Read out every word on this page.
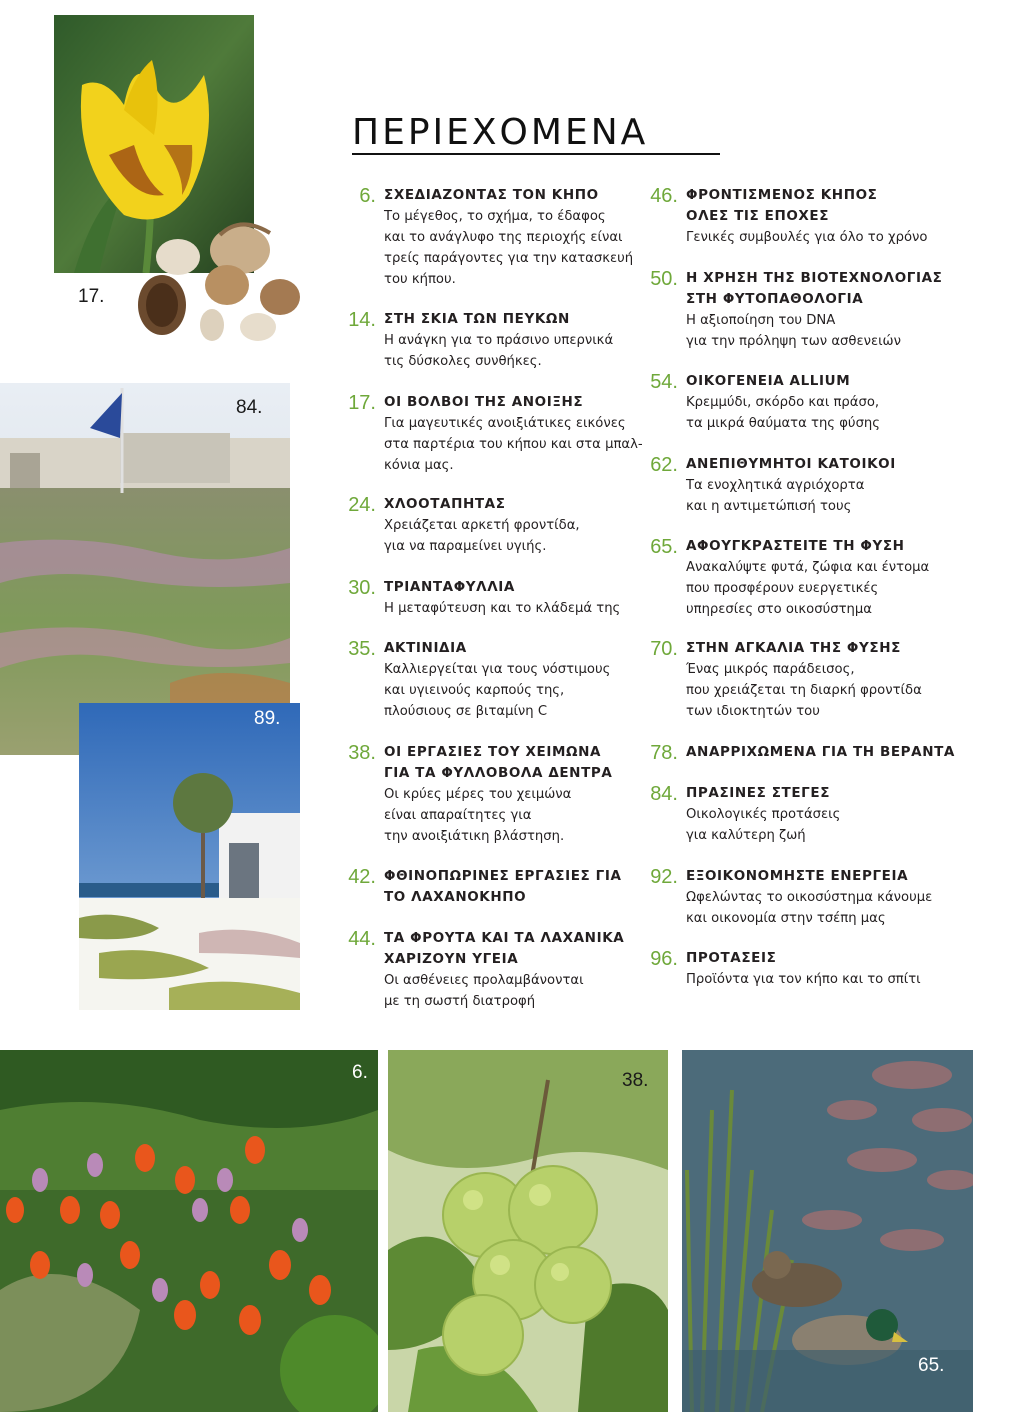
17.
84.
89.
ΠΕΡΙΕΧΟΜΕΝΑ
6. ΣΧΕΔΙΑΖΟΝΤΑΣ ΤΟΝ ΚΗΠΟ
Το μέγεθος, το σχήμα, το έδαφος
και το ανάγλυφο της περιοχής είναι
τρείς παράγοντες για την κατασκευή
του κήπου.
14. ΣΤΗ ΣΚΙΑ ΤΩΝ ΠΕΥΚΩΝ
Η ανάγκη για το πράσινο υπερνικά
τις δύσκολες συνθήκες.
17. ΟΙ ΒΟΛΒΟΙ ΤΗΣ ΑΝΟΙΞΗΣ
Για μαγευτικές ανοιξιάτικες εικόνες
στα παρτέρια του κήπου και στα μπαλ-
κόνια μας.
24. ΧΛΟΟΤΑΠΗΤΑΣ
Χρειάζεται αρκετή φροντίδα,
για να παραμείνει υγιής.
30. ΤΡΙΑΝΤΑΦΥΛΛΙΑ
Η μεταφύτευση και το κλάδεμά της
35. ΑΚΤΙΝΙΔΙΑ
Καλλιεργείται για τους νόστιμους
και υγιεινούς καρπούς της,
πλούσιους σε βιταμίνη C
38. ΟΙ ΕΡΓΑΣΙΕΣ ΤΟΥ ΧΕΙΜΩΝΑ
ΓΙΑ ΤΑ ΦΥΛΛΟΒΟΛΑ ΔΕΝΤΡΑ
Οι κρύες μέρες του χειμώνα
είναι απαραίτητες για
την ανοιξιάτικη βλάστηση.
42. ΦΘΙΝΟΠΩΡΙΝΕΣ ΕΡΓΑΣΙΕΣ ΓΙΑ
ΤΟ ΛΑΧΑΝΟΚΗΠΟ
44. ΤΑ ΦΡΟΥΤΑ ΚΑΙ ΤΑ ΛΑΧΑΝΙΚΑ
ΧΑΡΙΖΟΥΝ ΥΓΕΙΑ
Οι ασθένειες προλαμβάνονται
με τη σωστή διατροφή
46. ΦΡΟΝΤΙΣΜΕΝΟΣ ΚΗΠΟΣ
ΟΛΕΣ ΤΙΣ ΕΠΟΧΕΣ
Γενικές συμβουλές για όλο το χρόνο
50. Η ΧΡΗΣΗ ΤΗΣ ΒΙΟΤΕΧΝΟΛΟΓΙΑΣ
ΣΤΗ ΦΥΤΟΠΑΘΟΛΟΓΙΑ
Η αξιοποίηση του DNA
για την πρόληψη των ασθενειών
54. ΟΙΚΟΓΕΝΕΙΑ ALLIUM
Κρεμμύδι, σκόρδο και πράσο,
τα μικρά θαύματα της φύσης
62. ΑΝΕΠΙΘΥΜΗΤΟΙ ΚΑΤΟΙΚΟΙ
Τα ενοχλητικά αγριόχορτα
και η αντιμετώπισή τους
65. ΑΦΟΥΓΚΡΑΣΤΕΙΤΕ ΤΗ ΦΥΣΗ
Ανακαλύψτε φυτά, ζώφια και έντομα
που προσφέρουν ευεργετικές
υπηρεσίες στο οικοσύστημα
70. ΣΤΗΝ ΑΓΚΑΛΙΑ ΤΗΣ ΦΥΣΗΣ
Ένας μικρός παράδεισος,
που χρειάζεται τη διαρκή φροντίδα
των ιδιοκτητών του
78. ΑΝΑΡΡΙΧΩΜΕΝΑ ΓΙΑ ΤΗ ΒΕΡΑΝΤΑ
84. ΠΡΑΣΙΝΕΣ ΣΤΕΓΕΣ
Οικολογικές προτάσεις
για καλύτερη ζωή
92. ΕΞΟΙΚΟΝΟΜΗΣΤΕ ΕΝΕΡΓΕΙΑ
Ωφελώντας το οικοσύστημα κάνουμε
και οικονομία στην τσέπη μας
96. ΠΡΟΤΑΣΕΙΣ
Προϊόντα για τον κήπο και το σπίτι
6.	38.
65.
